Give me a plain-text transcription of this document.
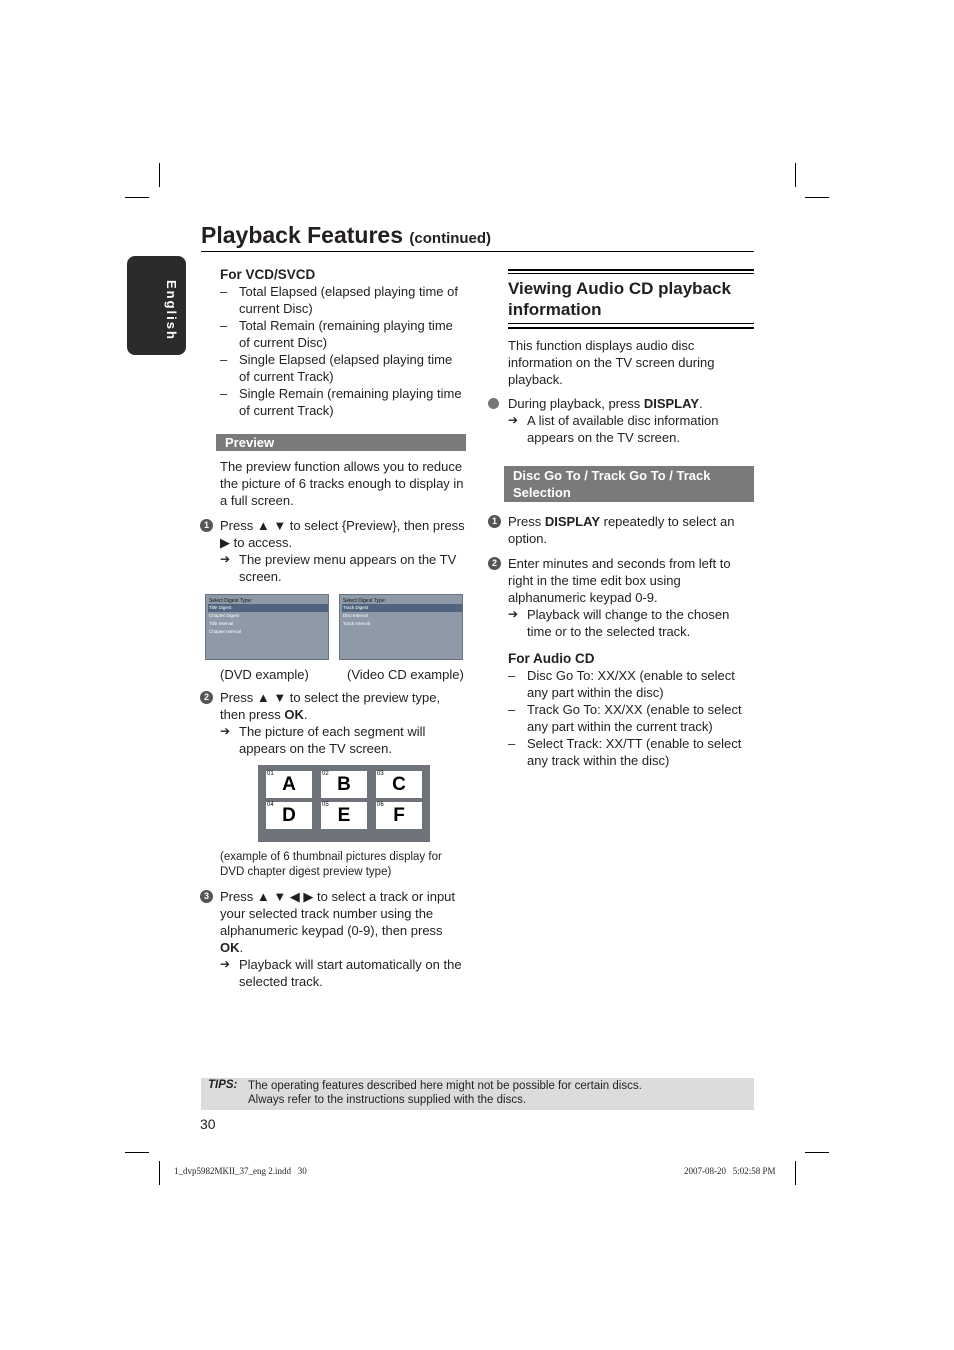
Playback Features (continued)
English

For VCD/SVCD

– Total Elapsed (elapsed playing time of current Disc)

– Total Remain (remaining playing time of current Disc)

– Single Elapsed (elapsed playing time of current Track)

– Single Remain (remaining playing time of current Track)

Preview
The preview function allows you to reduce the picture of 6 tracks enough to display in a full screen.

1 Press ▲ ▼ to select {Preview}, then press ▶ to access.

➔ The preview menu appears on the TV screen.

Select Digest Type:
Title Digest
Chapter Digest
Title Interval
Chapter Interval
Select Digest Type:
Track Digest
Disc Interval
Track Interval
(DVD example)	(Video CD example)

2 Press ▲ ▼ to select the preview type, then press OK.

➔ The picture of each segment will appears on the TV screen.

01 A	02 B	03 C
04 D	05 E	06 F
(example of 6 thumbnail pictures display for DVD chapter digest preview type)

3 Press ▲ ▼ ◀ ▶ to select a track or input your selected track number using the alphanumeric keypad (0-9), then press OK.

➔ Playback will start automatically on the selected track.

Viewing Audio CD playback information
This function displays audio disc information on the TV screen during playback.

During playback, press DISPLAY.

➔ A list of available disc information appears on the TV screen.

Disc Go To / Track Go To / Track Selection

1 Press DISPLAY repeatedly to select an option.

2 Enter minutes and seconds from left to right in the time edit box using alphanumeric keypad 0-9.

➔ Playback will change to the chosen time or to the selected track.

For Audio CD

– Disc Go To: XX/XX (enable to select any part within the disc)

– Track Go To: XX/XX (enable to select any part within the current track)

– Select Track: XX/TT (enable to select any track within the disc)

TIPS: The operating features described here might not be possible for certain discs.
Always refer to the instructions supplied with the discs.
30
1_dvp5982MKII_37_eng 2.indd   30	2007-08-20   5:02:58 PM
